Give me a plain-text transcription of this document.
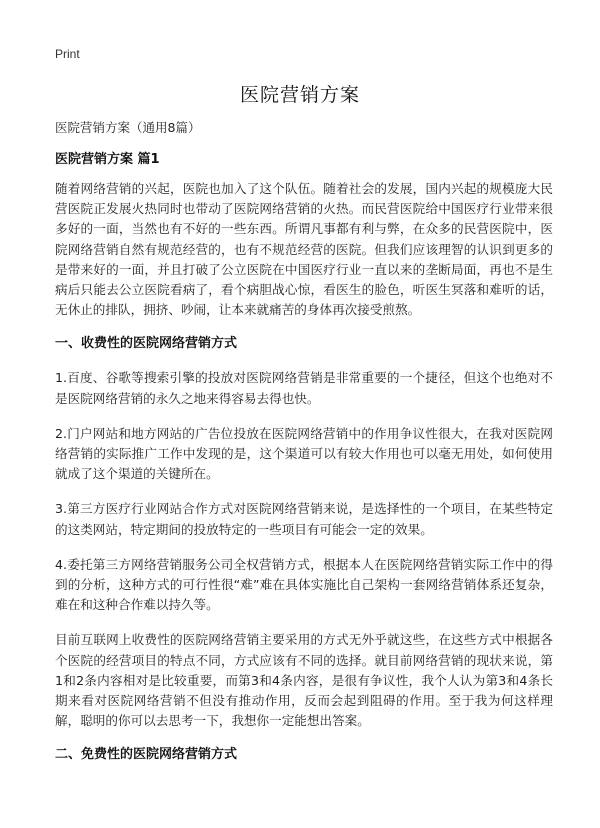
Print
医院营销方案

医院营销方案（通用8篇）

医院营销方案 篇1

随着网络营销的兴起，医院也加入了这个队伍。随着社会的发展，国内兴起的规模庞大民营医院正发展火热同时也带动了医院网络营销的火热。而民营医院给中国医疗行业带来很多好的一面，当然也有不好的一些东西。所谓凡事都有利与弊，在众多的民营医院中，医院网络营销自然有规范经营的，也有不规范经营的医院。但我们应该理智的认识到更多的是带来好的一面，并且打破了公立医院在中国医疗行业一直以来的垄断局面，再也不是生病后只能去公立医院看病了，看个病胆战心惊，看医生的脸色，听医生冥落和难听的话，无休止的排队，拥挤、吵闹，让本来就痛苦的身体再次接受煎熬。

一、收费性的医院网络营销方式

1.百度、谷歌等搜索引擎的投放对医院网络营销是非常重要的一个捷径，但这个也绝对不是医院网络营销的永久之地来得容易去得也快。

2.门户网站和地方网站的广告位投放在医院网络营销中的作用争议性很大，在我对医院网络营销的实际推广工作中发现的是，这个渠道可以有较大作用也可以毫无用处，如何使用就成了这个渠道的关键所在。

3.第三方医疗行业网站合作方式对医院网络营销来说，是选择性的一个项目，在某些特定的这类网站，特定期间的投放特定的一些项目有可能会一定的效果。

4.委托第三方网络营销服务公司全权营销方式，根据本人在医院网络营销实际工作中的得到的分析，这种方式的可行性很“难”难在具体实施比自己架构一套网络营销体系还复杂，难在和这种合作难以持久等。

目前互联网上收费性的医院网络营销主要采用的方式无外乎就这些，在这些方式中根据各个医院的经营项目的特点不同，方式应该有不同的选择。就目前网络营销的现状来说，第1和2条内容相对是比较重要，而第3和4条内容，是很有争议性，我个人认为第3和4条长期来看对医院网络营销不但没有推动作用，反而会起到阻碍的作用。至于我为何这样理解，聪明的你可以去思考一下，我想你一定能想出答案。

二、免费性的医院网络营销方式
